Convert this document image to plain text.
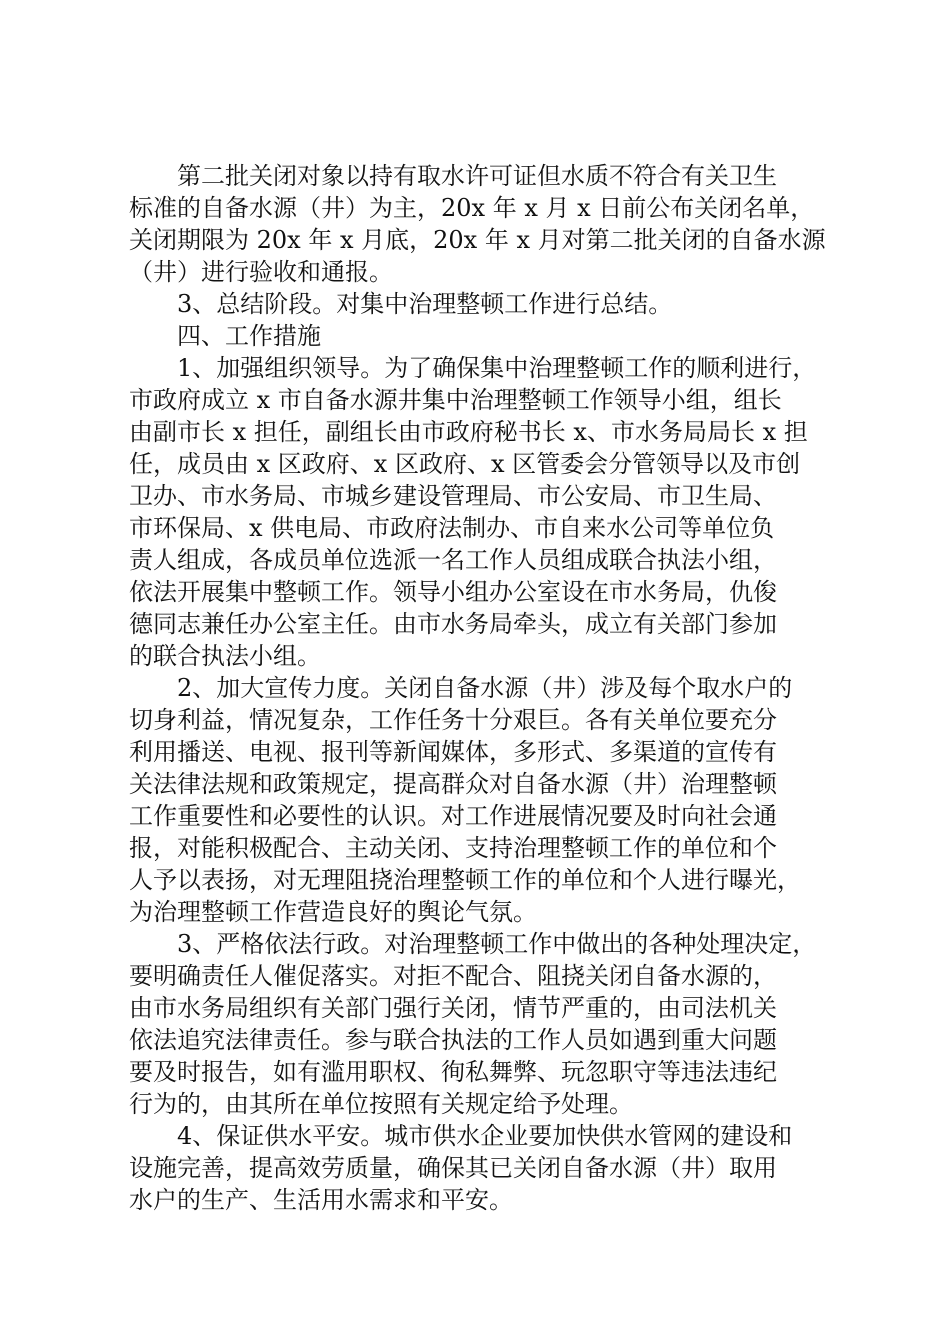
第二批关闭对象以持有取水许可证但水质不符合有关卫生
标准的自备水源（井）为主，20x 年 x 月 x 日前公布关闭名单，
关闭期限为 20x 年 x 月底，20x 年 x 月对第二批关闭的自备水源
（井）进行验收和通报。
3、总结阶段。对集中治理整顿工作进行总结。
四、工作措施
1、加强组织领导。为了确保集中治理整顿工作的顺利进行，
市政府成立 x 市自备水源井集中治理整顿工作领导小组，组长
由副市长 x 担任，副组长由市政府秘书长 x、市水务局局长 x 担
任，成员由 x 区政府、x 区政府、x 区管委会分管领导以及市创
卫办、市水务局、市城乡建设管理局、市公安局、市卫生局、
市环保局、x 供电局、市政府法制办、市自来水公司等单位负
责人组成，各成员单位选派一名工作人员组成联合执法小组，
依法开展集中整顿工作。领导小组办公室设在市水务局，仇俊
德同志兼任办公室主任。由市水务局牵头，成立有关部门参加
的联合执法小组。
2、加大宣传力度。关闭自备水源（井）涉及每个取水户的
切身利益，情况复杂，工作任务十分艰巨。各有关单位要充分
利用播送、电视、报刊等新闻媒体，多形式、多渠道的宣传有
关法律法规和政策规定，提高群众对自备水源（井）治理整顿
工作重要性和必要性的认识。对工作进展情况要及时向社会通
报，对能积极配合、主动关闭、支持治理整顿工作的单位和个
人予以表扬，对无理阻挠治理整顿工作的单位和个人进行曝光，
为治理整顿工作营造良好的舆论气氛。
3、严格依法行政。对治理整顿工作中做出的各种处理决定，
要明确责任人催促落实。对拒不配合、阻挠关闭自备水源的，
由市水务局组织有关部门强行关闭，情节严重的，由司法机关
依法追究法律责任。参与联合执法的工作人员如遇到重大问题
要及时报告，如有滥用职权、徇私舞弊、玩忽职守等违法违纪
行为的，由其所在单位按照有关规定给予处理。
4、保证供水平安。城市供水企业要加快供水管网的建设和
设施完善，提高效劳质量，确保其已关闭自备水源（井）取用
水户的生产、生活用水需求和平安。
